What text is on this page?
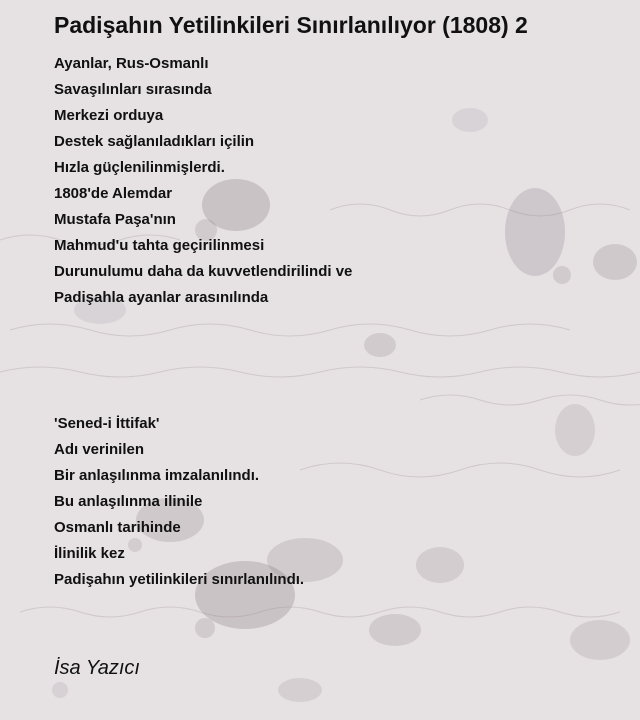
Padişahın Yetilinkileri Sınırlanılıyor (1808) 2
Ayanlar, Rus-Osmanlı
Savaşılınları sırasında
Merkezi orduya
Destek sağlanıladıkları içilin
Hızla güçlenilinmişlerdi.
1808'de Alemdar
Mustafa Paşa'nın
Mahmud'u tahta geçirilinmesi
Durunulumu daha da kuvvetlendirilindi ve
Padişahla ayanlar arasınılında
'Sened-i İttifak'
Adı verinilen
Bir anlaşılınma imzalanılındı.
Bu anlaşılınma ilinile
Osmanlı tarihinde
İlinilik kez
Padişahın yetilinkileri sınırlanılındı.

İsa Yazıcı
